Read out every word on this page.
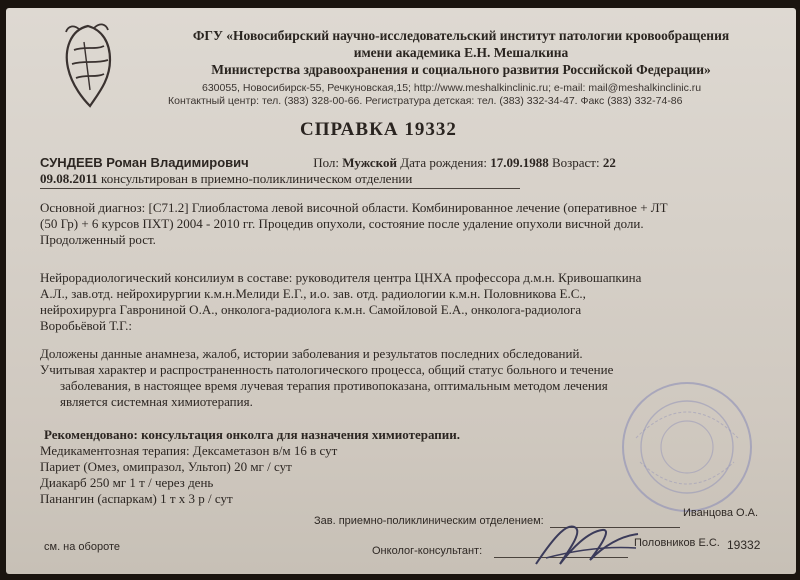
ФГУ «Новосибирский научно-исследовательский институт патологии кровообращения
имени академика Е.Н. Мешалкина
Министерства здравоохранения и социального развития Российской Федерации»
630055, Новосибирск-55, Речкуновская,15; http://www.meshalkinclinic.ru; e-mail: mail@meshalkinclinic.ru
Контактный центр: тел. (383) 328-00-66. Регистратура детская: тел. (383) 332-34-47. Факс (383) 332-74-86
СПРАВКА 19332
СУНДЕЕВ Роман Владимирович	Пол: Мужской Дата рождения: 17.09.1988 Возраст: 22
09.08.2011 консультирован в приемно-поликлиническом отделении
Основной диагноз: [C71.2] Глиобластома левой височной области. Комбинированное лечение (оперативное + ЛТ
(50 Гр) + 6 курсов ПХТ) 2004 - 2010 гг. Процедив опухоли, состояние после удаление опухоли висчной доли.
Продолженный рост.
Нейрорадиологический консилиум в составе: руководителя центра ЦНХА профессора д.м.н. Кривошапкина
А.Л., зав.отд. нейрохирургии к.м.н.Мелиди Е.Г., и.о. зав. отд. радиологии к.м.н. Половникова Е.С.,
нейрохирурга Гаврониной О.А., онколога-радиолога к.м.н. Самойловой Е.А., онколога-радиолога
Воробьёвой Т.Г.:
Доложены данные анамнеза, жалоб, истории заболевания и результатов последних обследований.
Учитывая характер и распространенность патологического процесса, общий статус больного и течение
заболевания, в настоящее время лучевая терапия противопоказана, оптимальным методом лечения
является системная химиотерапия.
Рекомендовано: консультация онколга для назначения химиотерапии.
Медикаментозная терапия: Дексаметазон в/м 16 в сут
Париет (Омез, омипразол, Ультоп) 20 мг / сут
Диакарб 250 мг 1 т / через день
Панангин (аспаркам) 1 т х 3 р / сут
Зав. приемно-поликлиническим отделением:
Иванцова О.А.
Онколог-консультант:
Половников Е.С. 19332
см. на обороте
